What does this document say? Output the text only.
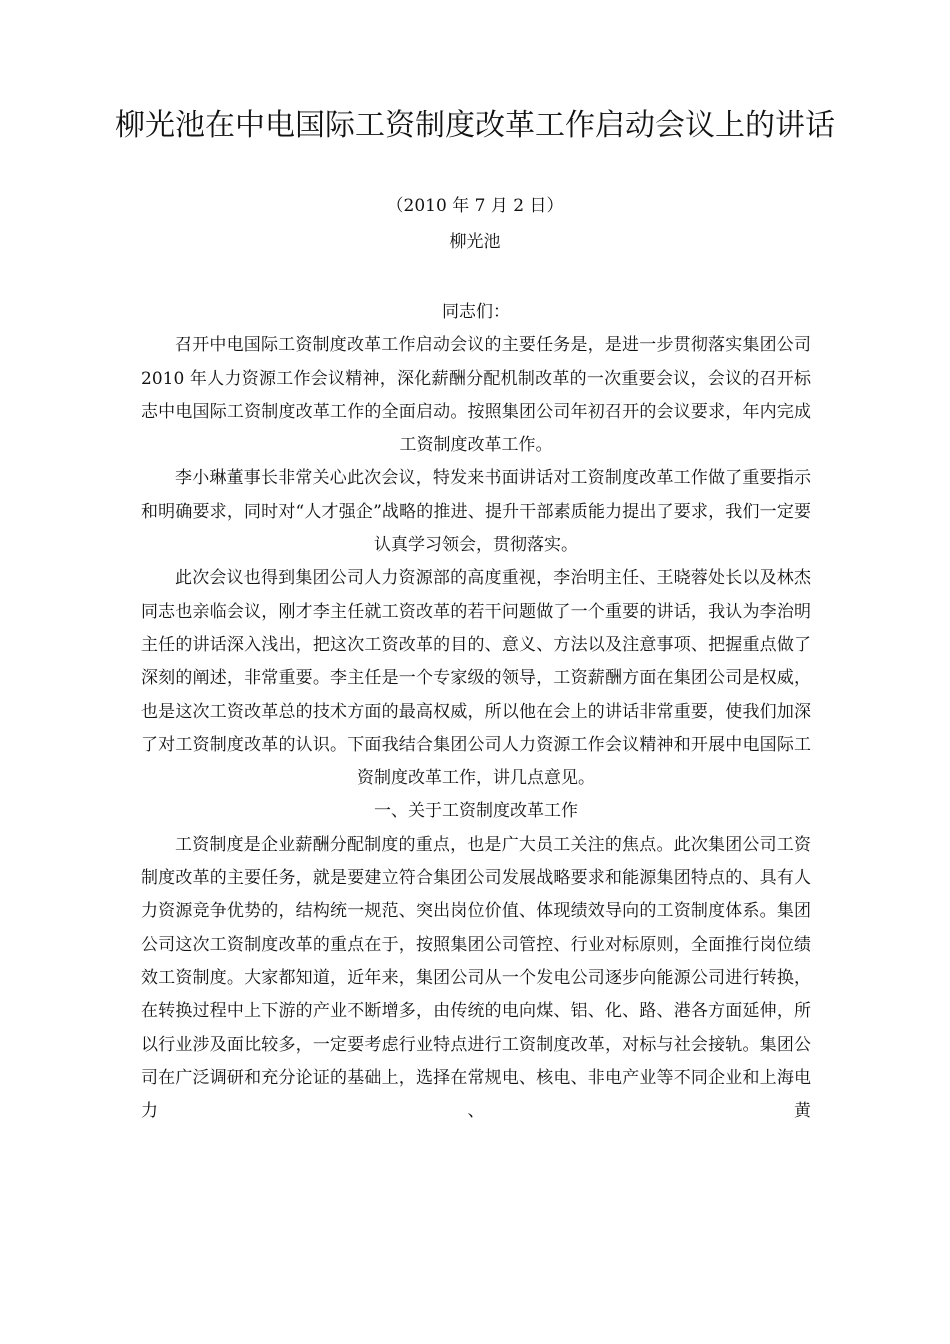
柳光池在中电国际工资制度改革工作启动会议上的讲话
（2010 年 7 月 2 日）
柳光池

同志们：

召开中电国际工资制度改革工作启动会议的主要任务是，是进一步贯彻落实集团公司 2010 年人力资源工作会议精神，深化薪酬分配机制改革的一次重要会议，会议的召开标志中电国际工资制度改革工作的全面启动。按照集团公司年初召开的会议要求，年内完成工资制度改革工作。

李小琳董事长非常关心此次会议，特发来书面讲话对工资制度改革工作做了重要指示和明确要求，同时对“人才强企”战略的推进、提升干部素质能力提出了要求，我们一定要认真学习领会，贯彻落实。

此次会议也得到集团公司人力资源部的高度重视，李治明主任、王晓蓉处长以及林杰同志也亲临会议，刚才李主任就工资改革的若干问题做了一个重要的讲话，我认为李治明主任的讲话深入浅出，把这次工资改革的目的、意义、方法以及注意事项、把握重点做了深刻的阐述，非常重要。李主任是一个专家级的领导，工资薪酬方面在集团公司是权威，也是这次工资改革总的技术方面的最高权威，所以他在会上的讲话非常重要，使我们加深了对工资制度改革的认识。下面我结合集团公司人力资源工作会议精神和开展中电国际工资制度改革工作，讲几点意见。

一、关于工资制度改革工作

工资制度是企业薪酬分配制度的重点，也是广大员工关注的焦点。此次集团公司工资制度改革的主要任务，就是要建立符合集团公司发展战略要求和能源集团特点的、具有人力资源竞争优势的，结构统一规范、突出岗位价值、体现绩效导向的工资制度体系。集团公司这次工资制度改革的重点在于，按照集团公司管控、行业对标原则，全面推行岗位绩效工资制度。大家都知道，近年来，集团公司从一个发电公司逐步向能源公司进行转换，在转换过程中上下游的产业不断增多，由传统的电向煤、铝、化、路、港各方面延伸，所以行业涉及面比较多，一定要考虑行业特点进行工资制度改革，对标与社会接轨。集团公司在广泛调研和充分论证的基础上，选择在常规电、核电、非电产业等不同企业和上海电力、黄
